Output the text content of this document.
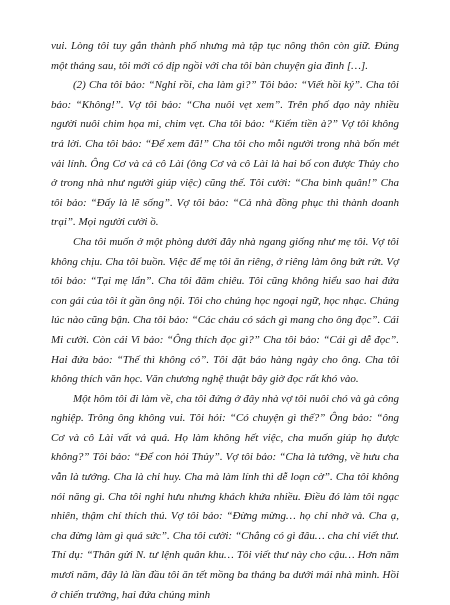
vui. Lòng tôi tuy gắn thành phố nhưng mà tập tục nông thôn còn giữ. Đúng một tháng sau, tôi mới có dịp ngồi với cha tôi bàn chuyện gia đình […].

(2) Cha tôi bảo: “Nghỉ rồi, cha làm gì?” Tôi bảo: “Viết hồi ký”. Cha tôi bảo: “Không!”. Vợ tôi bảo: “Cha nuôi vẹt xem”. Trên phố dạo này nhiều người nuôi chim họa mi, chim vẹt. Cha tôi bảo: “Kiếm tiền à?” Vợ tôi không trả lời. Cha tôi bảo: “Để xem đã!” Cha tôi cho mỗi người trong nhà bốn mét vải lính. Ông Cơ và cả cô Lài (ông Cơ và cô Lài là hai bố con được Thủy cho ở trong nhà như người giúp việc) cũng thế. Tôi cười: “Cha bình quân!” Cha tôi bảo: “Đấy là lẽ sống”. Vợ tôi bảo: “Cả nhà đồng phục thì thành doanh trại”. Mọi người cười ồ.

Cha tôi muốn ở một phòng dưới đây nhà ngang giống như mẹ tôi. Vợ tôi không chịu. Cha tôi buồn. Việc để mẹ tôi ăn riêng, ở riêng làm ông bứt rứt. Vợ tôi bảo: “Tại mẹ lẩn”. Cha tôi đăm chiêu. Tôi cũng không hiểu sao hai đứa con gái của tôi ít gần ông nội. Tôi cho chúng học ngoại ngữ, học nhạc. Chúng lúc nào cũng bận. Cha tôi bảo: “Các cháu có sách gì mang cho ông đọc”. Cái Mi cười. Còn cái Vi bảo: “Ông thích đọc gì?” Cha tôi bảo: “Cái gì dễ đọc”. Hai đứa bảo: “Thế thì không có”. Tôi đặt báo hàng ngày cho ông. Cha tôi không thích văn học. Văn chương nghệ thuật bây giờ đọc rất khó vào.

Một hôm tôi đi làm về, cha tôi đứng ở đây nhà vợ tôi nuôi chó và gà công nghiệp. Trông ông không vui. Tôi hỏi: “Có chuyện gì thế?” Ông bảo: “ông Cơ và cô Lài vất vả quá. Họ làm không hết việc, cha muốn giúp họ được không?” Tôi bảo: “Để con hỏi Thủy”. Vợ tôi bảo: “Cha là tướng, về hưu cha vẫn là tướng. Cha là chỉ huy. Cha mà làm lính thì dễ loạn cờ”. Cha tôi không nói năng gì. Cha tôi nghỉ hưu nhưng khách khứa nhiều. Điều đó làm tôi ngạc nhiên, thậm chí thích thú. Vợ tôi bảo: “Đừng mừng… họ chỉ nhờ và. Cha ạ, cha đừng làm gì quá sức”. Cha tôi cười: “Chẳng có gì đâu… cha chỉ viết thư. Thí dụ: “Thân gửi N. tư lệnh quân khu… Tôi viết thư này cho cậu… Hơn năm mươi năm, đây là lần đầu tôi ăn tết mồng ba tháng ba dưới mái nhà mình. Hồi ở chiến trường, hai đứa chúng mình
